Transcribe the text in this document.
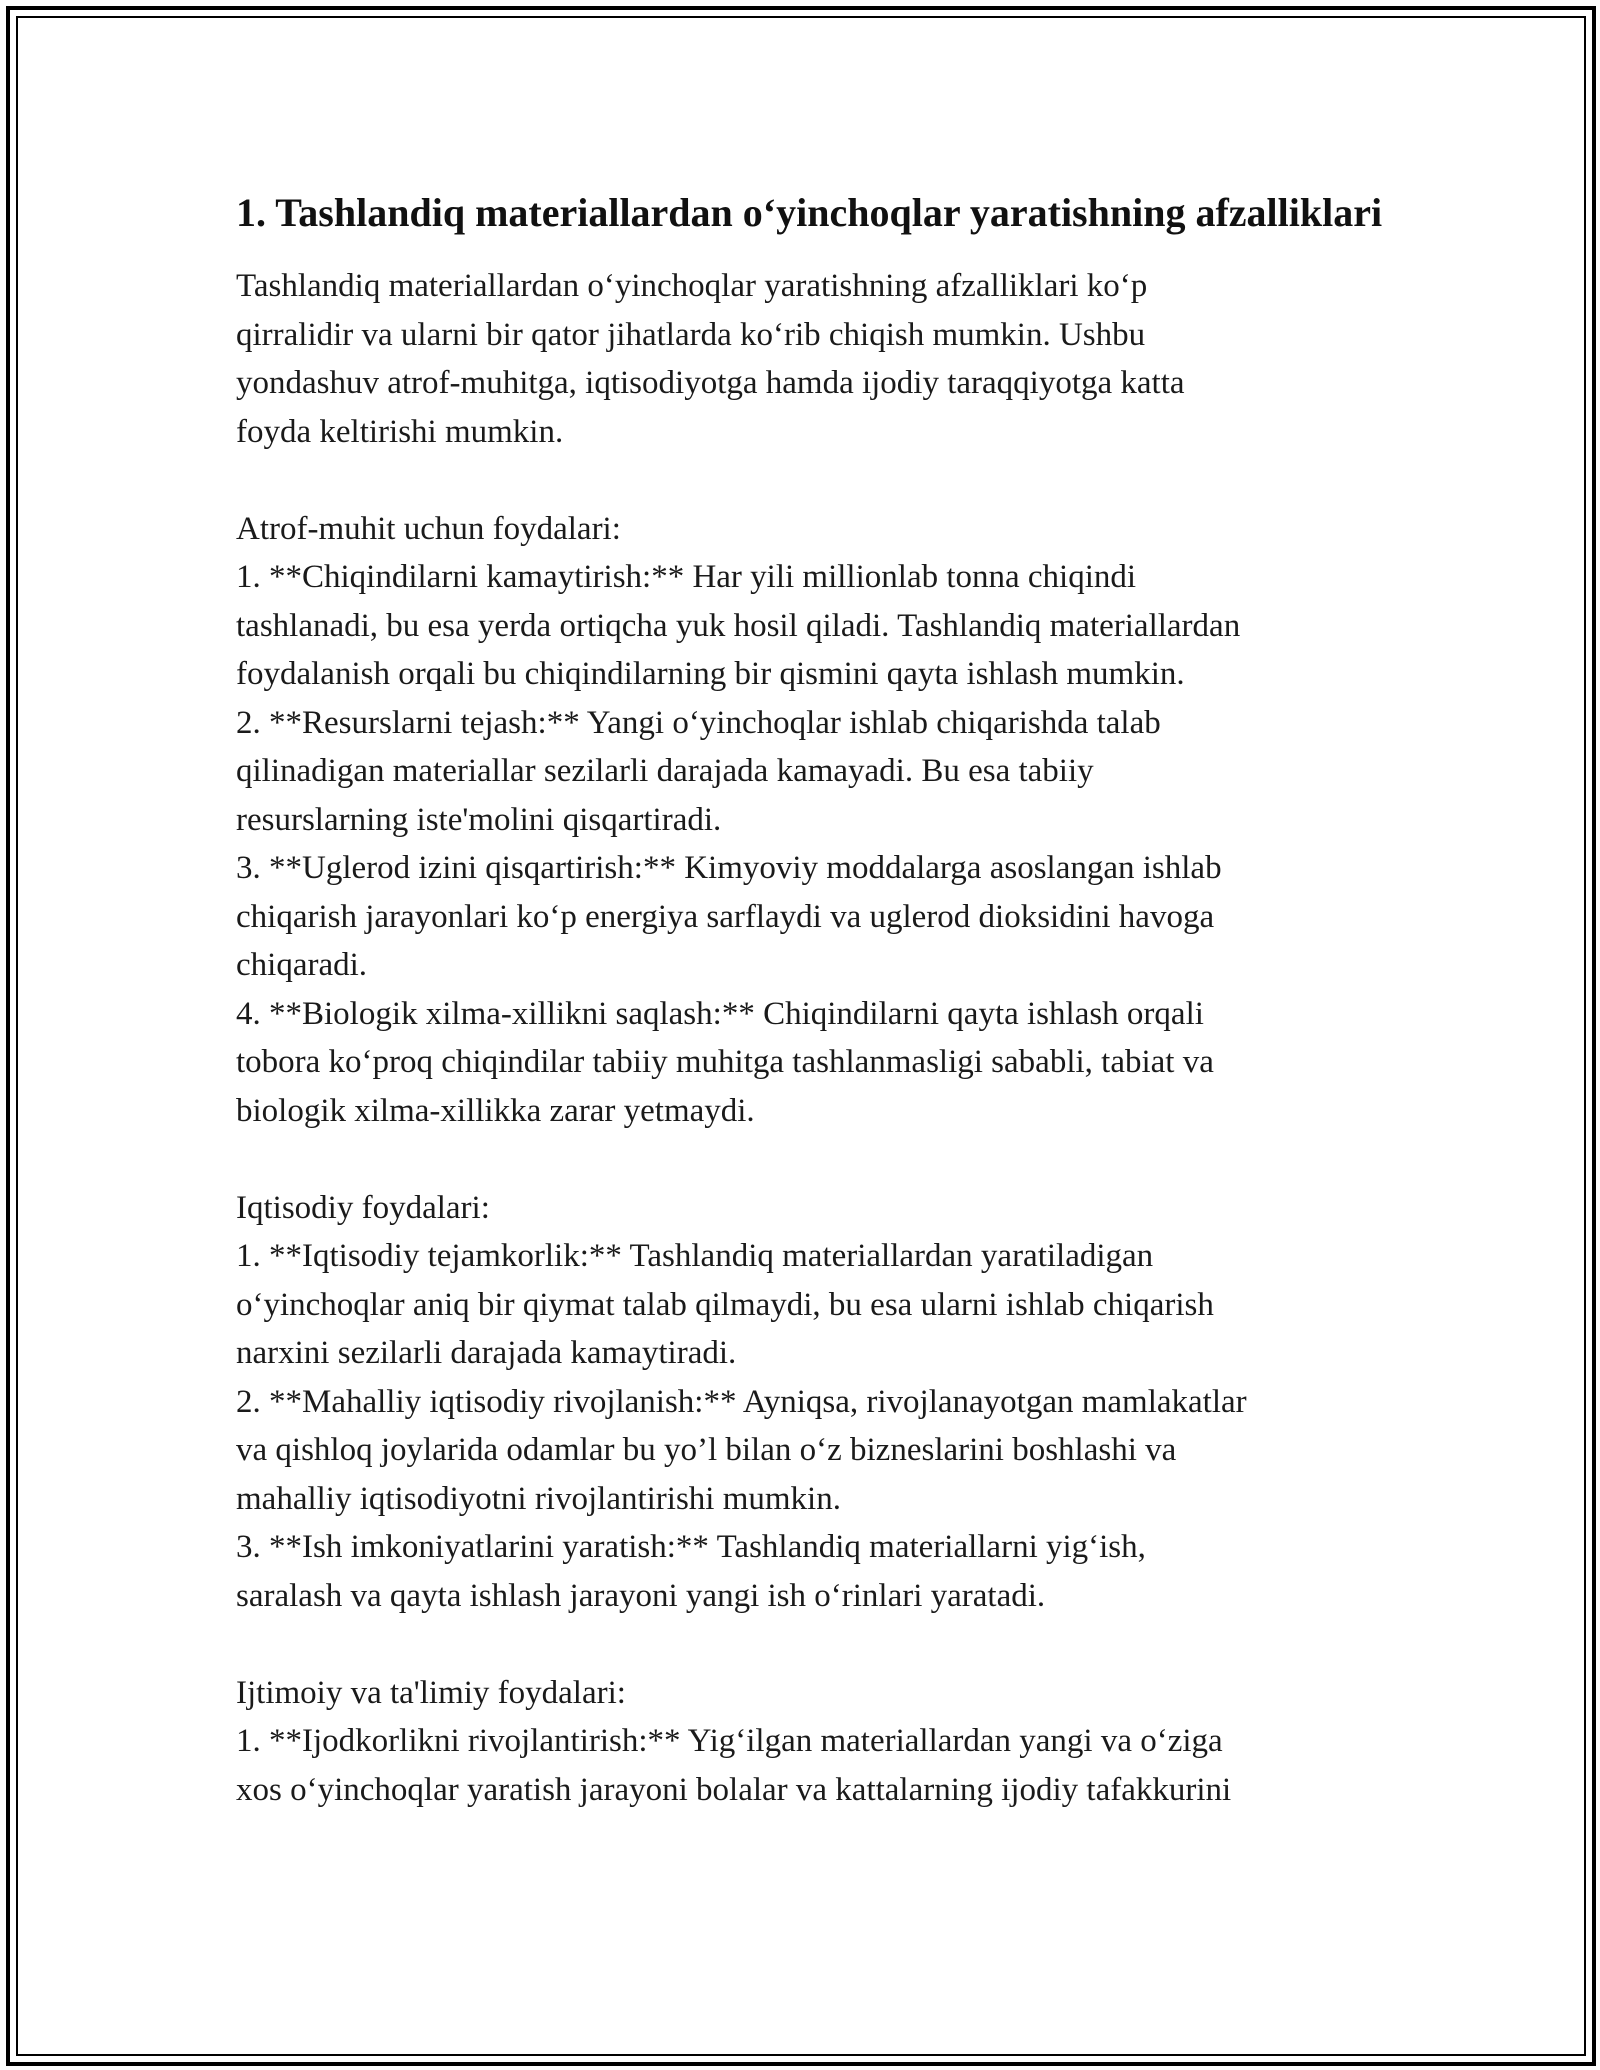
1. Tashlandiq materiallardan o‘yinchoqlar yaratishning afzalliklari

Tashlandiq materiallardan o‘yinchoqlar yaratishning afzalliklari ko‘p
qirralidir va ularni bir qator jihatlarda ko‘rib chiqish mumkin. Ushbu
yondashuv atrof-muhitga, iqtisodiyotga hamda ijodiy taraqqiyotga katta
foyda keltirishi mumkin.

Atrof-muhit uchun foydalari:

1. **Chiqindilarni kamaytirish:** Har yili millionlab tonna chiqindi
tashlanadi, bu esa yerda ortiqcha yuk hosil qiladi. Tashlandiq materiallardan
foydalanish orqali bu chiqindilarning bir qismini qayta ishlash mumkin.

2. **Resurslarni tejash:** Yangi o‘yinchoqlar ishlab chiqarishda talab
qilinadigan materiallar sezilarli darajada kamayadi. Bu esa tabiiy
resurslarning iste'molini qisqartiradi.

3. **Uglerod izini qisqartirish:** Kimyoviy moddalarga asoslangan ishlab
chiqarish jarayonlari ko‘p energiya sarflaydi va uglerod dioksidini havoga
chiqaradi.

4. **Biologik xilma-xillikni saqlash:** Chiqindilarni qayta ishlash orqali
tobora ko‘proq chiqindilar tabiiy muhitga tashlanmasligi sababli, tabiat va
biologik xilma-xillikka zarar yetmaydi.

Iqtisodiy foydalari:

1. **Iqtisodiy tejamkorlik:** Tashlandiq materiallardan yaratiladigan
o‘yinchoqlar aniq bir qiymat talab qilmaydi, bu esa ularni ishlab chiqarish
narxini sezilarli darajada kamaytiradi.

2. **Mahalliy iqtisodiy rivojlanish:** Ayniqsa, rivojlanayotgan mamlakatlar
va qishloq joylarida odamlar bu yo’l bilan o‘z bizneslarini boshlashi va
mahalliy iqtisodiyotni rivojlantirishi mumkin.

3. **Ish imkoniyatlarini yaratish:** Tashlandiq materiallarni yig‘ish,
saralash va qayta ishlash jarayoni yangi ish o‘rinlari yaratadi.

Ijtimoiy va ta'limiy foydalari:

1. **Ijodkorlikni rivojlantirish:** Yig‘ilgan materiallardan yangi va o‘ziga
xos o‘yinchoqlar yaratish jarayoni bolalar va kattalarning ijodiy tafakkurini
